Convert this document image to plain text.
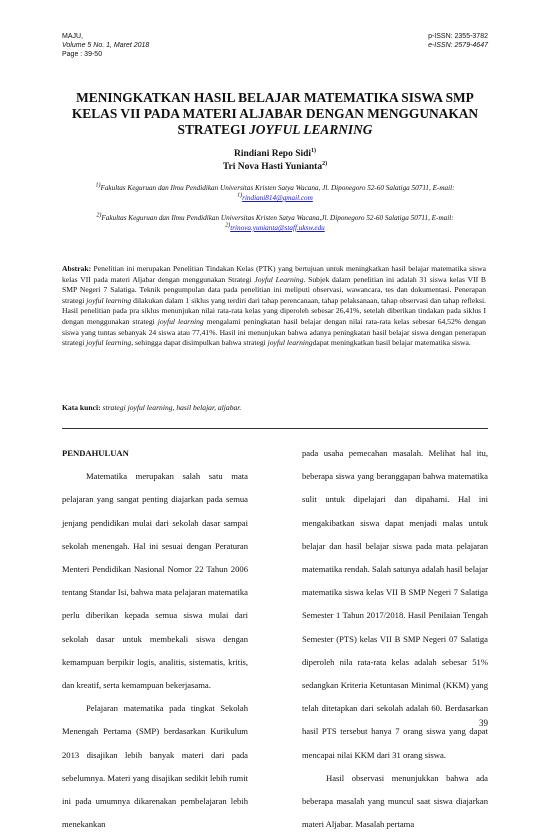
MAJU,
Volume 5 No. 1, Maret 2018
Page : 39-50
p-ISSN: 2355-3782
e-ISSN: 2579-4647
MENINGKATKAN HASIL BELAJAR MATEMATIKA SISWA SMP
KELAS VII PADA MATERI ALJABAR DENGAN MENGGUNAKAN
STRATEGI JOYFUL LEARNING
Rindiani Repo Sidi$^{1)}$
Tri Nova Hasti Yunianta$^{2)}$
$^{1)}$Fakultas Keguruan dan Ilmu Pendidikan Universitas Kristen Satya Wacana, Jl. Diponegoro 52-60 Salatiga 50711, E-mail:
$^{1)}$rindiani814@gmail.com
$^{2)}$Fakultas Keguruan dan Ilmu Pendidikan Universitas Kristen Satya Wacana,Jl. Diponegoro 52-60 Salatiga 50711, E-mail:
$^{2)}$trinova.yunianta@staff.uksw.edu
Abstrak: Penelitian ini merupakan Penelitian Tindakan Kelas (PTK) yang bertujuan untuk meningkatkan hasil belajar matematika siswa kelas VII pada materi Aljabar dengan menggunakan Strategi Joyful Learning. Subjek dalam penelitian ini adalah 31 siswa kelas VII B SMP Negeri 7 Salatiga. Teknik pengumpulan data pada penelitian ini meliputi observasi, wawancara, tes dan dokumentasi. Penerapan strategi joyful learning dilakukan dalam 1 siklus yang terdiri dari tahap perencanaan, tahap pelaksanaan, tahap observasi dan tahap refleksi. Hasil penelitian pada pra siklus menunjukan nilai rata-rata kelas yang diperoleh sebesar 26,41%, setelah diberikan tindakan pada siklus I dengan menggunakan strategi joyful learning mengalami peningkatan hasil belajar dengan nilai rata-rata kelas sebesar 64,52% dengan siswa yang tuntas sebanyak 24 siswa atau 77,41%. Hasil ini menunjukan bahwa adanya peningkatan hasil belajar siswa dengan penerapan strategi joyful learning, sehingga dapat disimpulkan bahwa strategi joyful learningdapat meningkatkan hasil belajar matematika siswa.
Kata kunci: strategi joyful learning, hasil belajar, aljabar.

PENDAHULUAN

Matematika merupakan salah satu mata pelajaran yang sangat penting diajarkan pada semua jenjang pendidikan mulai dari sekolah dasar sampai sekolah menengah. Hal ini sesuai dengan Peraturan Menteri Pendidikan Nasional Nomor 22 Tahun 2006 tentang Standar Isi, bahwa mata pelajaran matematika perlu diberikan kepada semua siswa mulai dari sekolah dasar untuk membekali siswa dengan kemampuan berpikir logis, analitis, sistematis, kritis, dan kreatif, serta kemampuan bekerjasama.

Pelajaran matematika pada tingkat Sekolah Menengah Pertama (SMP) berdasarkan Kurikulum 2013 disajikan lebih banyak materi dari pada sebelumnya. Materi yang disajikan sedikit lebih rumit ini pada umumnya dikarenakan pembelajaran lebih menekankan

pada usaha pemecahan masalah. Melihat hal itu, beberapa siswa yang beranggapan bahwa matematika sulit untuk dipelajari dan dipahami. Hal ini mengakibatkan siswa dapat menjadi malas untuk belajar dan hasil belajar siswa pada mata pelajaran matematika rendah. Salah satunya adalah hasil belajar matematika siswa kelas VII B SMP Negeri 7 Salatiga Semester 1 Tahun 2017/2018. Hasil Penilaian Tengah Semester (PTS) kelas VII B SMP Negeri 07 Salatiga diperoleh nila rata-rata kelas adalah sebesar 51% sedangkan Kriteria Ketuntasan Minimal (KKM) yang telah ditetapkan dari sekolah adalah 60. Berdasarkan hasil PTS tersebut hanya 7 orang siswa yang dapat mencapai nilai KKM dari 31 orang siswa.

Hasil observasi menunjukkan bahwa ada beberapa masalah yang muncul saat siswa diajarkan materi Aljabar. Masalah pertama

39
